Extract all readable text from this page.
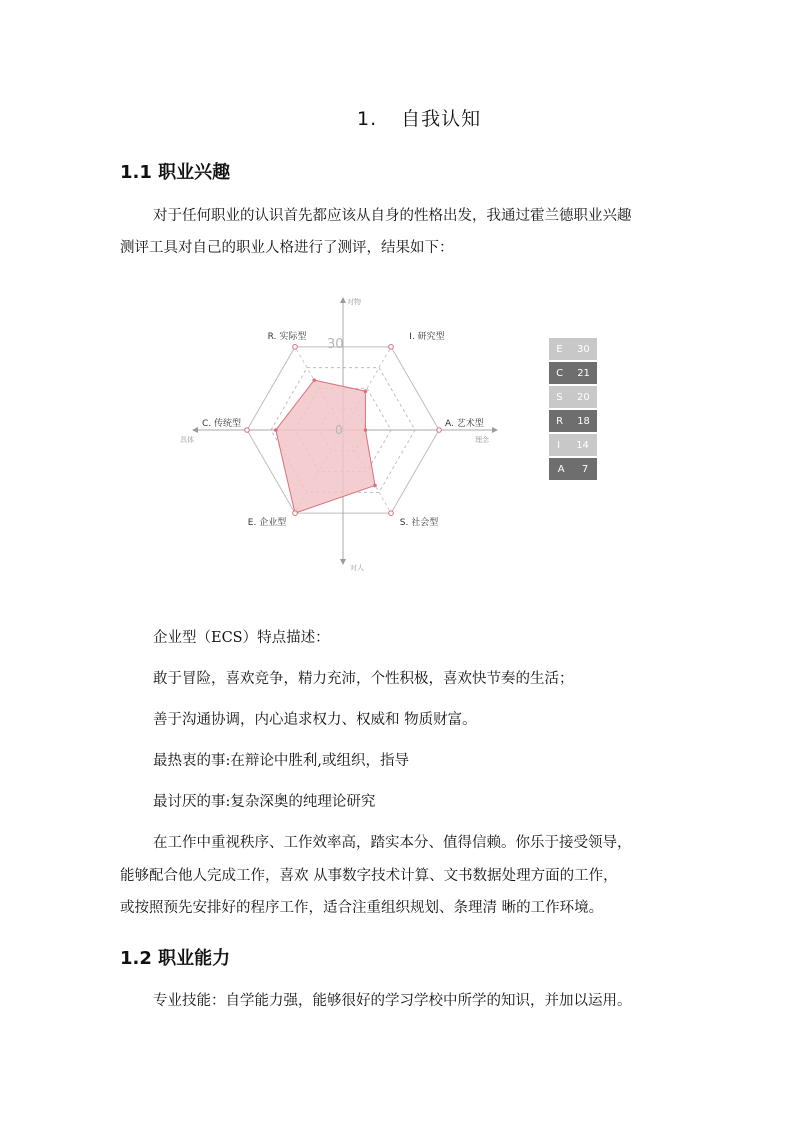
1. 自我认知
1.1 职业兴趣
对于任何职业的认识首先都应该从自身的性格出发，我通过霍兰德职业兴趣
测评工具对自己的职业人格进行了测评，结果如下：
I. 研究型
A. 艺术型
S. 社会型
E. 企业型
C. 传统型
R. 实际型
对物
对人
具体	理念
30
0
E 30
C 21
S 20
R 18
I 14
A 7
企业型（ECS）特点描述：
敢于冒险，喜欢竞争，精力充沛，个性积极，喜欢快节奏的生活；
善于沟通协调，内心追求权力、权威和 物质财富。
最热衷的事:在辩论中胜利,或组织，指导
最讨厌的事:复杂深奥的纯理论研究
在工作中重视秩序、工作效率高，踏实本分、值得信赖。你乐于接受领导，
能够配合他人完成工作，喜欢 从事数字技术计算、文书数据处理方面的工作，
或按照预先安排好的程序工作，适合注重组织规划、条理清 晰的工作环境。
1.2 职业能力
专业技能：自学能力强，能够很好的学习学校中所学的知识，并加以运用。
